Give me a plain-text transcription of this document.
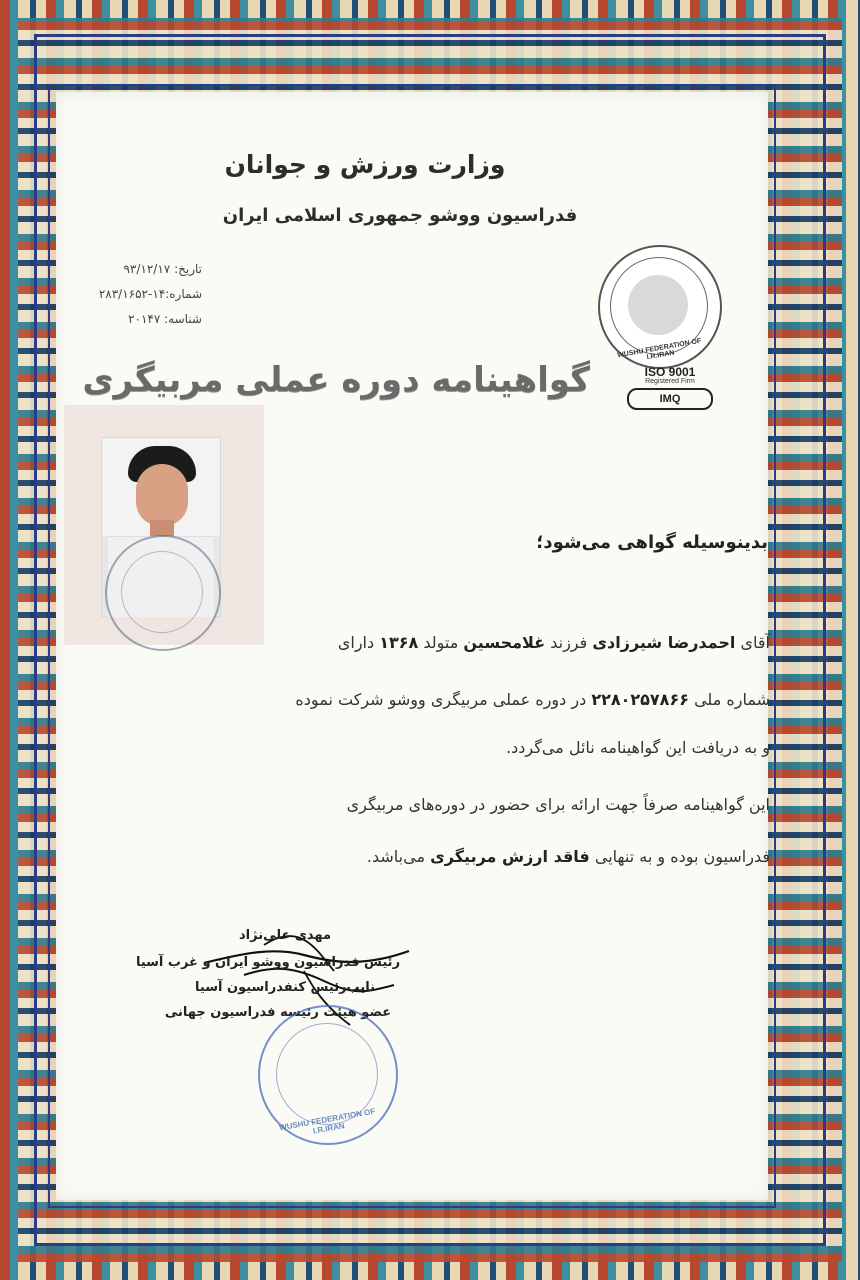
وزارت ورزش و جوانان
فدراسیون ووشو جمهوری اسلامی ایران
تاریخ: ۹۳/۱۲/۱۷
شماره:۱۴-۲۸۳/۱۶۵۲
شناسه: ۲۰۱۴۷
WUSHU FEDERATION OF I.R.IRAN
ISO 9001
Registered Firm
IMQ
گواهینامه دوره عملی مربیگری
بدینوسیله گواهی می‌شود؛
آقای احمدرضا شیرزادی فرزند غلامحسین متولد ۱۳۶۸ دارای
شماره ملی ۲۲۸۰۲۵۷۸۶۶ در دوره عملی مربیگری ووشو شرکت نموده
و به دریافت این گواهینامه نائل می‌گردد.
این گواهینامه صرفاً جهت ارائه برای حضور در دوره‌های مربیگری
فدراسیون بوده و به تنهایی فاقد ارزش مربیگری می‌باشد.
مهدی علی‌نژاد
رئیس فدراسیون ووشو ایران و غرب آسیا
نایب‌رئیس کنفدراسیون آسیا
عضو هیئت رئیسه فدراسیون جهانی
WUSHU FEDERATION OF I.R.IRAN
